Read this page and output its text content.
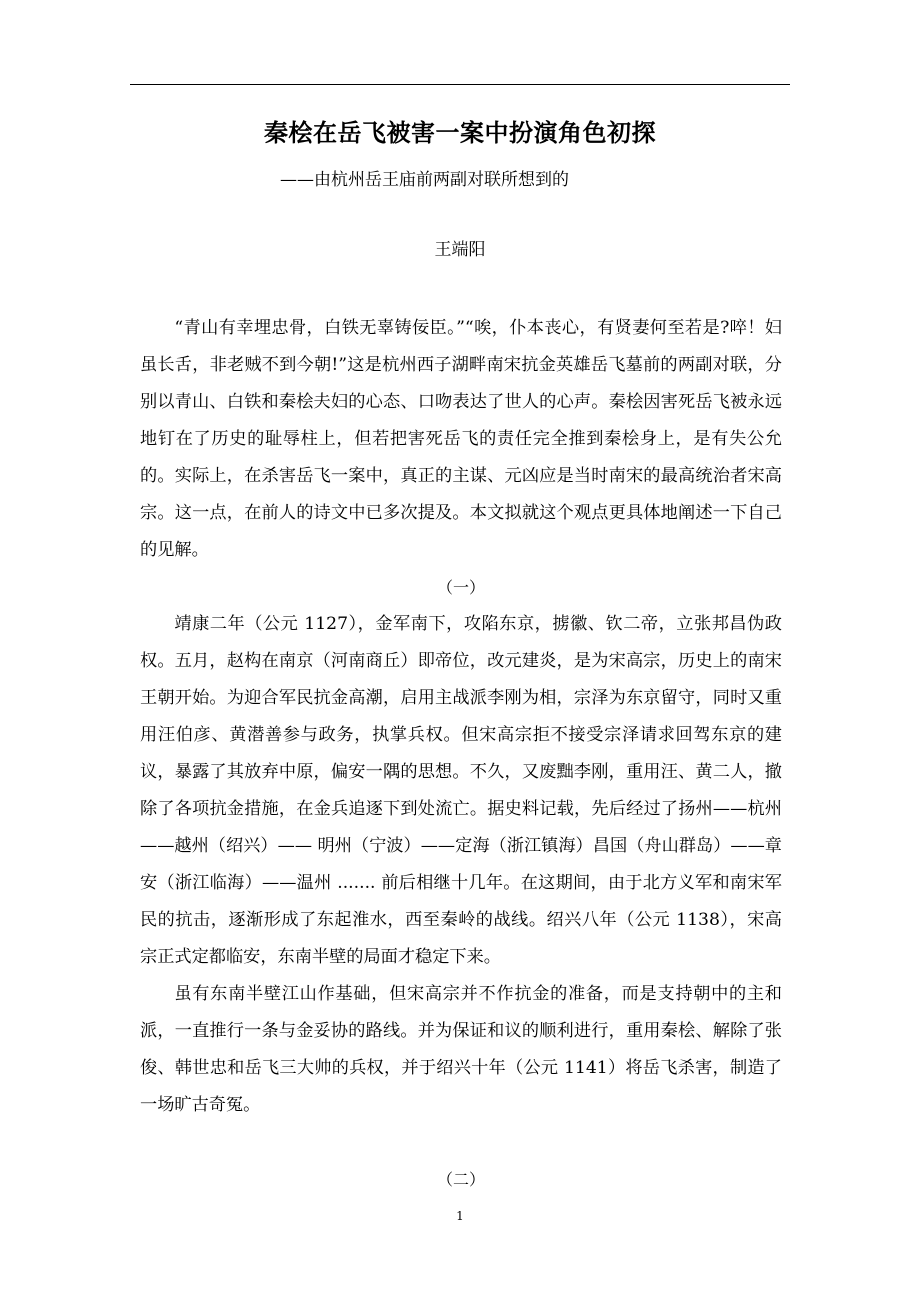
秦桧在岳飞被害一案中扮演角色初探
——由杭州岳王庙前两副对联所想到的
王端阳

“青山有幸埋忠骨，白铁无辜铸佞臣。”“唉，仆本丧心，有贤妻何至若是?啐！妇虽长舌，非老贼不到今朝!”这是杭州西子湖畔南宋抗金英雄岳飞墓前的两副对联，分别以青山、白铁和秦桧夫妇的心态、口吻表达了世人的心声。秦桧因害死岳飞被永远地钉在了历史的耻辱柱上，但若把害死岳飞的责任完全推到秦桧身上，是有失公允的。实际上，在杀害岳飞一案中，真正的主谋、元凶应是当时南宋的最高统治者宋高宗。这一点，在前人的诗文中已多次提及。本文拟就这个观点更具体地阐述一下自己的见解。

（一）

靖康二年（公元 1127），金军南下，攻陷东京，掳徽、钦二帝，立张邦昌伪政权。五月，赵构在南京（河南商丘）即帝位，改元建炎，是为宋高宗，历史上的南宋王朝开始。为迎合军民抗金高潮，启用主战派李刚为相，宗泽为东京留守，同时又重用汪伯彦、黄潜善参与政务，执掌兵权。但宋高宗拒不接受宗泽请求回驾东京的建议，暴露了其放弃中原，偏安一隅的思想。不久，又废黜李刚，重用汪、黄二人，撤除了各项抗金措施，在金兵追逐下到处流亡。据史料记载，先后经过了扬州——杭州——越州（绍兴）—— 明州（宁波）——定海（浙江镇海）昌国（舟山群岛）——章安（浙江临海）——温州 ....... 前后相继十几年。在这期间，由于北方义军和南宋军民的抗击，逐渐形成了东起淮水，西至秦岭的战线。绍兴八年（公元 1138），宋高宗正式定都临安，东南半壁的局面才稳定下来。

虽有东南半壁江山作基础，但宋高宗并不作抗金的准备，而是支持朝中的主和派，一直推行一条与金妥协的路线。并为保证和议的顺利进行，重用秦桧、解除了张俊、韩世忠和岳飞三大帅的兵权，并于绍兴十年（公元 1141）将岳飞杀害，制造了一场旷古奇冤。

（二）

1
